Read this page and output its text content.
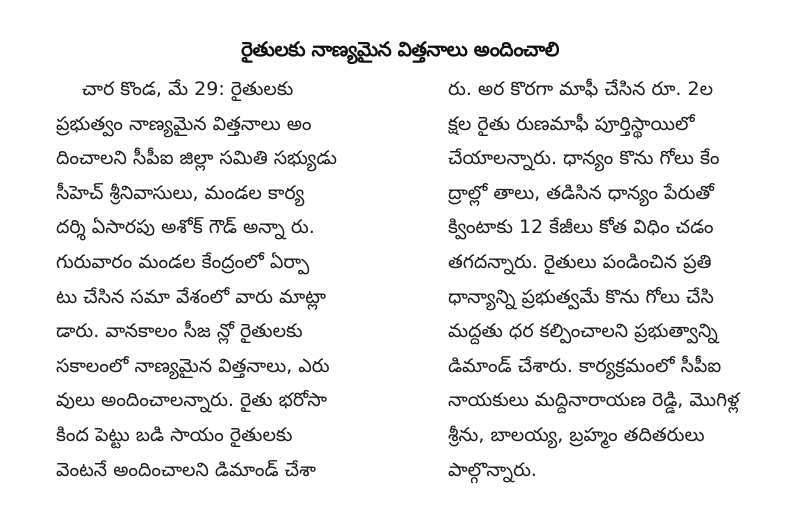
రైతులకు నాణ్యమైన విత్తనాలు అందించాలి
చార కొండ, మే 29: రైతులకు
ప్రభుత్వం నాణ్యమైన విత్తనాలు అం
దించాలని సీపీఐ జిల్లా సమితి సభ్యుడు
సీహెచ్ శ్రీనివాసులు, మండల కార్య
దర్శి ఏసారపు అశోక్ గౌడ్ అన్నా రు.
గురువారం మండల కేంద్రంలో ఏర్పా
టు చేసిన సమా వేశంలో వారు మాట్లా
డారు. వానకాలం సీజ న్లో రైతులకు
సకాలంలో నాణ్యమైన విత్తనాలు, ఎరు
వులు అందించాలన్నారు. రైతు భరోసా
కింద పెట్టు బడి సాయం రైతులకు
వెంటనే అందించాలని డిమాండ్ చేశా
రు. అర కొరగా మాఫీ చేసిన రూ. 2ల
క్షల రైతు రుణమాఫీ పూర్తిస్థాయిలో
చేయాలన్నారు. ధాన్యం కొను గోలు కేం
ద్రాల్లో తాలు, తడిసిన ధాన్యం పేరుతో
క్వింటాకు 12 కేజీలు కోత విధిం చడం
తగదన్నారు. రైతులు పండించిన ప్రతి
ధాన్యాన్ని ప్రభుత్వమే కొను గోలు చేసి
మద్దతు ధర కల్పించాలని ప్రభుత్వాన్ని
డిమాండ్ చేశారు. కార్యక్రమంలో సీపీఐ
నాయకులు మద్దినారాయణ రెడ్డి, మొగిళ్ల
శ్రీను, బాలయ్య, బ్రహ్మం తదితరులు
పాల్గొన్నారు.
